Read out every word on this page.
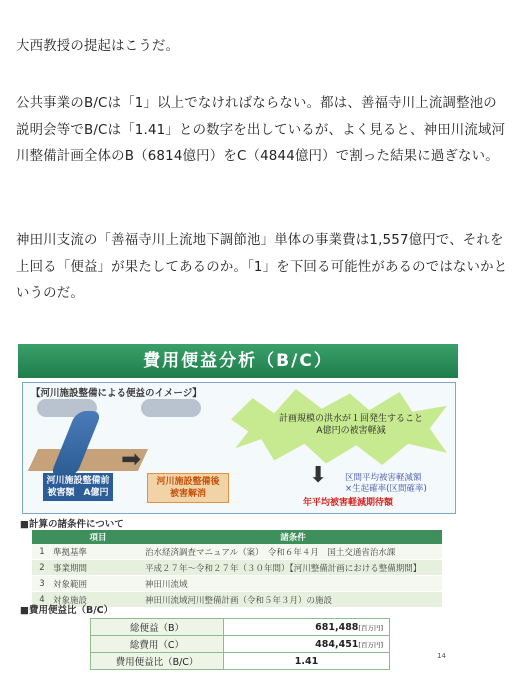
大西教授の提起はこうだ。

公共事業のB/Cは「1」以上でなければならない。都は、善福寺川上流調整池の説明会等でB/Cは「1.41」との数字を出しているが、よく見ると、神田川流域河川整備計画全体のB（6814億円）をC（4844億円）で割った結果に過ぎない。

神田川支流の「善福寺川上流地下調節池」単体の事業費は1,557億円で、それを上回る「便益」が果たしてあるのか。「1」を下回る可能性があるのではないかというのだ。

費用便益分析（B/C）
【河川施設整備による便益のイメージ】
➡
河川施設整備前
被害額　A億円
河川施設整備後
被害解消
計画規模の洪水が１回発生すること
A億円の被害軽減
⬇ 区間平均被害軽減額
×生起確率(区間確率)
年平均被害軽減期待額
■計算の諸条件について
	項目	諸条件
1	準拠基準	治水経済調査マニュアル（案）　令和６年４月　国土交通省治水課
2	事業期間	平成２７年～令和２７年（３０年間）【河川整備計画における整備期間】
3	対象範囲	神田川流域
4	対象施設	神田川流域河川整備計画（令和５年３月）の施設
■費用便益比（B/C）
総便益（B）	681,488[百万円]
総費用（C）	484,451[百万円]
費用便益比（B/C）	1.41	14
